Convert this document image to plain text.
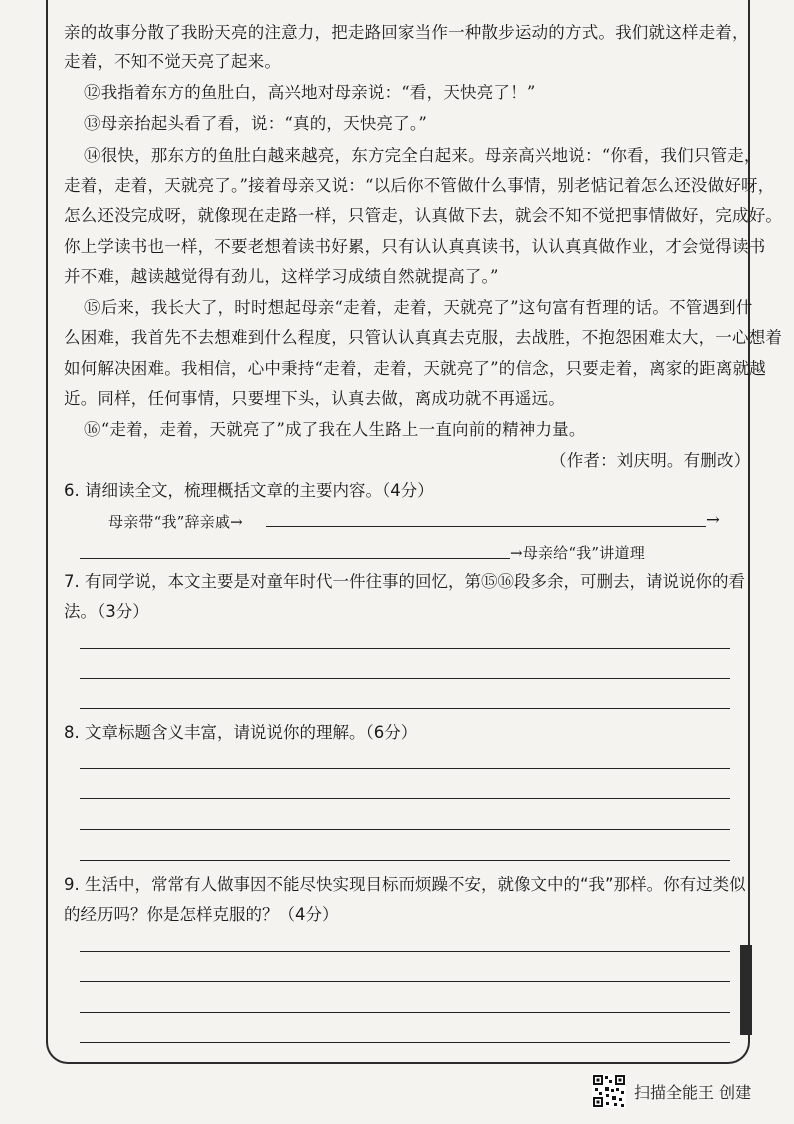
亲的故事分散了我盼天亮的注意力，把走路回家当作一种散步运动的方式。我们就这样走着，
走着，不知不觉天亮了起来。
⑫我指着东方的鱼肚白，高兴地对母亲说：“看，天快亮了！”
⑬母亲抬起头看了看，说：“真的，天快亮了。”
⑭很快，那东方的鱼肚白越来越亮，东方完全白起来。母亲高兴地说：“你看，我们只管走，
走着，走着，天就亮了。”接着母亲又说：“以后你不管做什么事情，别老惦记着怎么还没做好呀，
怎么还没完成呀，就像现在走路一样，只管走，认真做下去，就会不知不觉把事情做好，完成好。
你上学读书也一样，不要老想着读书好累，只有认认真真读书，认认真真做作业，才会觉得读书
并不难，越读越觉得有劲儿，这样学习成绩自然就提高了。”
⑮后来，我长大了，时时想起母亲“走着，走着，天就亮了”这句富有哲理的话。不管遇到什
么困难，我首先不去想难到什么程度，只管认认真真去克服，去战胜，不抱怨困难太大，一心想着
如何解决困难。我相信，心中秉持“走着，走着，天就亮了”的信念，只要走着，离家的距离就越
近。同样，任何事情，只要埋下头，认真去做，离成功就不再遥远。
⑯“走着，走着，天就亮了”成了我在人生路上一直向前的精神力量。
（作者：刘庆明。有删改）
6. 请细读全文，梳理概括文章的主要内容。（4分）
母亲带“我”辞亲戚→	→
→母亲给“我”讲道理
7. 有同学说，本文主要是对童年时代一件往事的回忆，第⑮⑯段多余，可删去，请说说你的看
法。（3分）
8. 文章标题含义丰富，请说说你的理解。（6分）
9. 生活中，常常有人做事因不能尽快实现目标而烦躁不安，就像文中的“我”那样。你有过类似
的经历吗？你是怎样克服的？（4分）
扫描全能王 创建
